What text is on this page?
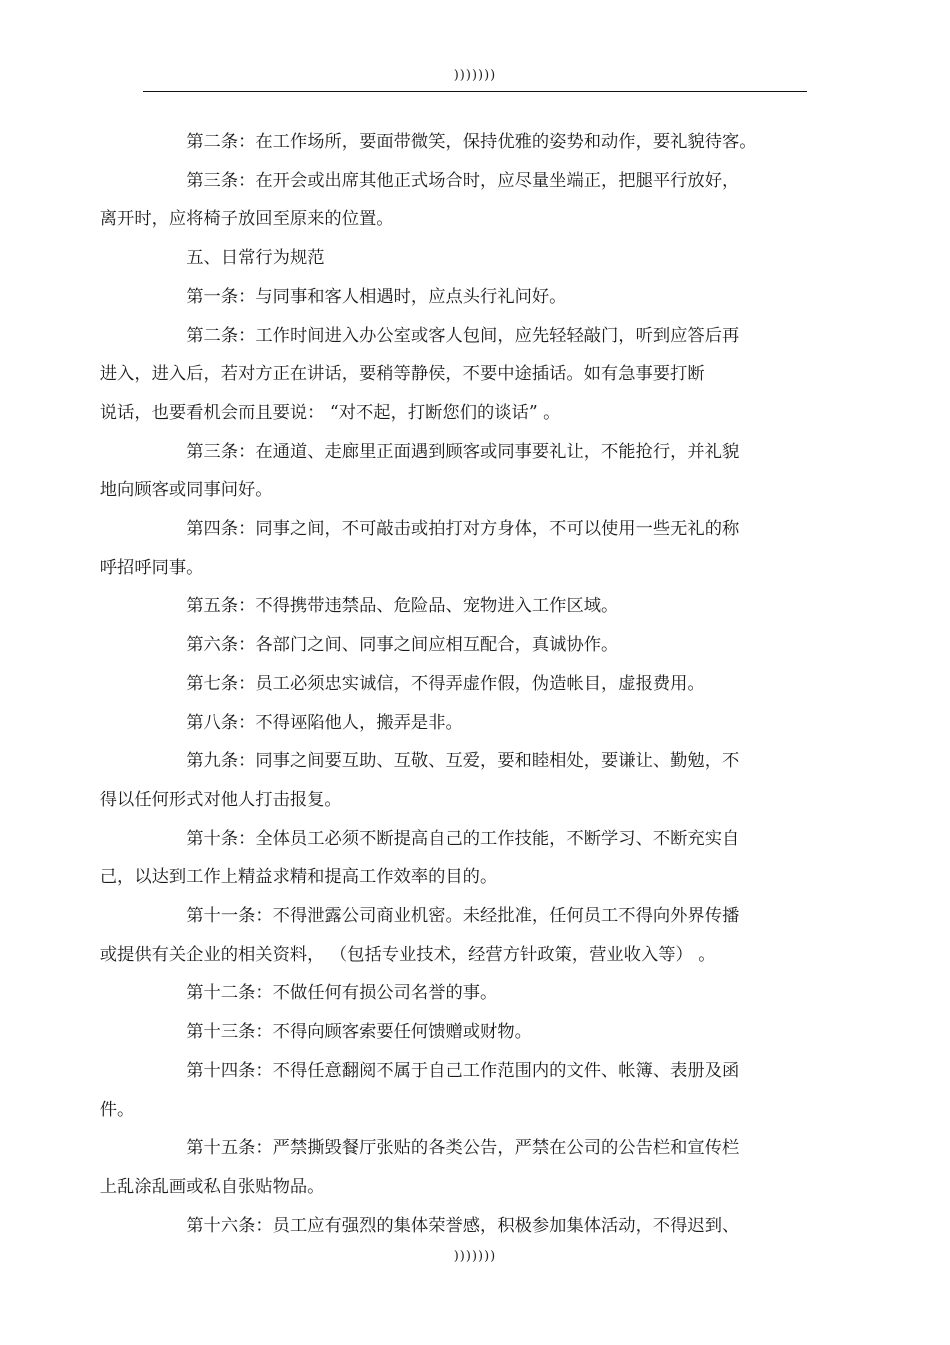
)))))))

第二条：在工作场所，要面带微笑，保持优雅的姿势和动作，要礼貌待客。

第三条：在开会或出席其他正式场合时，应尽量坐端正，把腿平行放好，
离开时，应将椅子放回至原来的位置。

五、日常行为规范

第一条：与同事和客人相遇时，应点头行礼问好。

第二条：工作时间进入办公室或客人包间，应先轻轻敲门，听到应答后再
进入，进入后，若对方正在讲话，要稍等静侯，不要中途插话。如有急事要打断
说话，也要看机会而且要说： “对不起，打断您们的谈话” 。

第三条：在通道、走廊里正面遇到顾客或同事要礼让，不能抢行，并礼貌
地向顾客或同事问好。

第四条：同事之间，不可敲击或拍打对方身体，不可以使用一些无礼的称
呼招呼同事。

第五条：不得携带违禁品、危险品、宠物进入工作区域。

第六条：各部门之间、同事之间应相互配合，真诚协作。

第七条：员工必须忠实诚信，不得弄虚作假，伪造帐目，虚报费用。

第八条：不得诬陷他人，搬弄是非。

第九条：同事之间要互助、互敬、互爱，要和睦相处，要谦让、勤勉，不
得以任何形式对他人打击报复。

第十条：全体员工必须不断提高自己的工作技能，不断学习、不断充实自
己，以达到工作上精益求精和提高工作效率的目的。

第十一条：不得泄露公司商业机密。未经批准，任何员工不得向外界传播
或提供有关企业的相关资料， （包括专业技术，经营方针政策，营业收入等） 。

第十二条：不做任何有损公司名誉的事。

第十三条：不得向顾客索要任何馈赠或财物。

第十四条：不得任意翻阅不属于自己工作范围内的文件、帐簿、表册及函
件。

第十五条：严禁撕毁餐厅张贴的各类公告，严禁在公司的公告栏和宣传栏
上乱涂乱画或私自张贴物品。

第十六条：员工应有强烈的集体荣誉感，积极参加集体活动，不得迟到、

)))))))
